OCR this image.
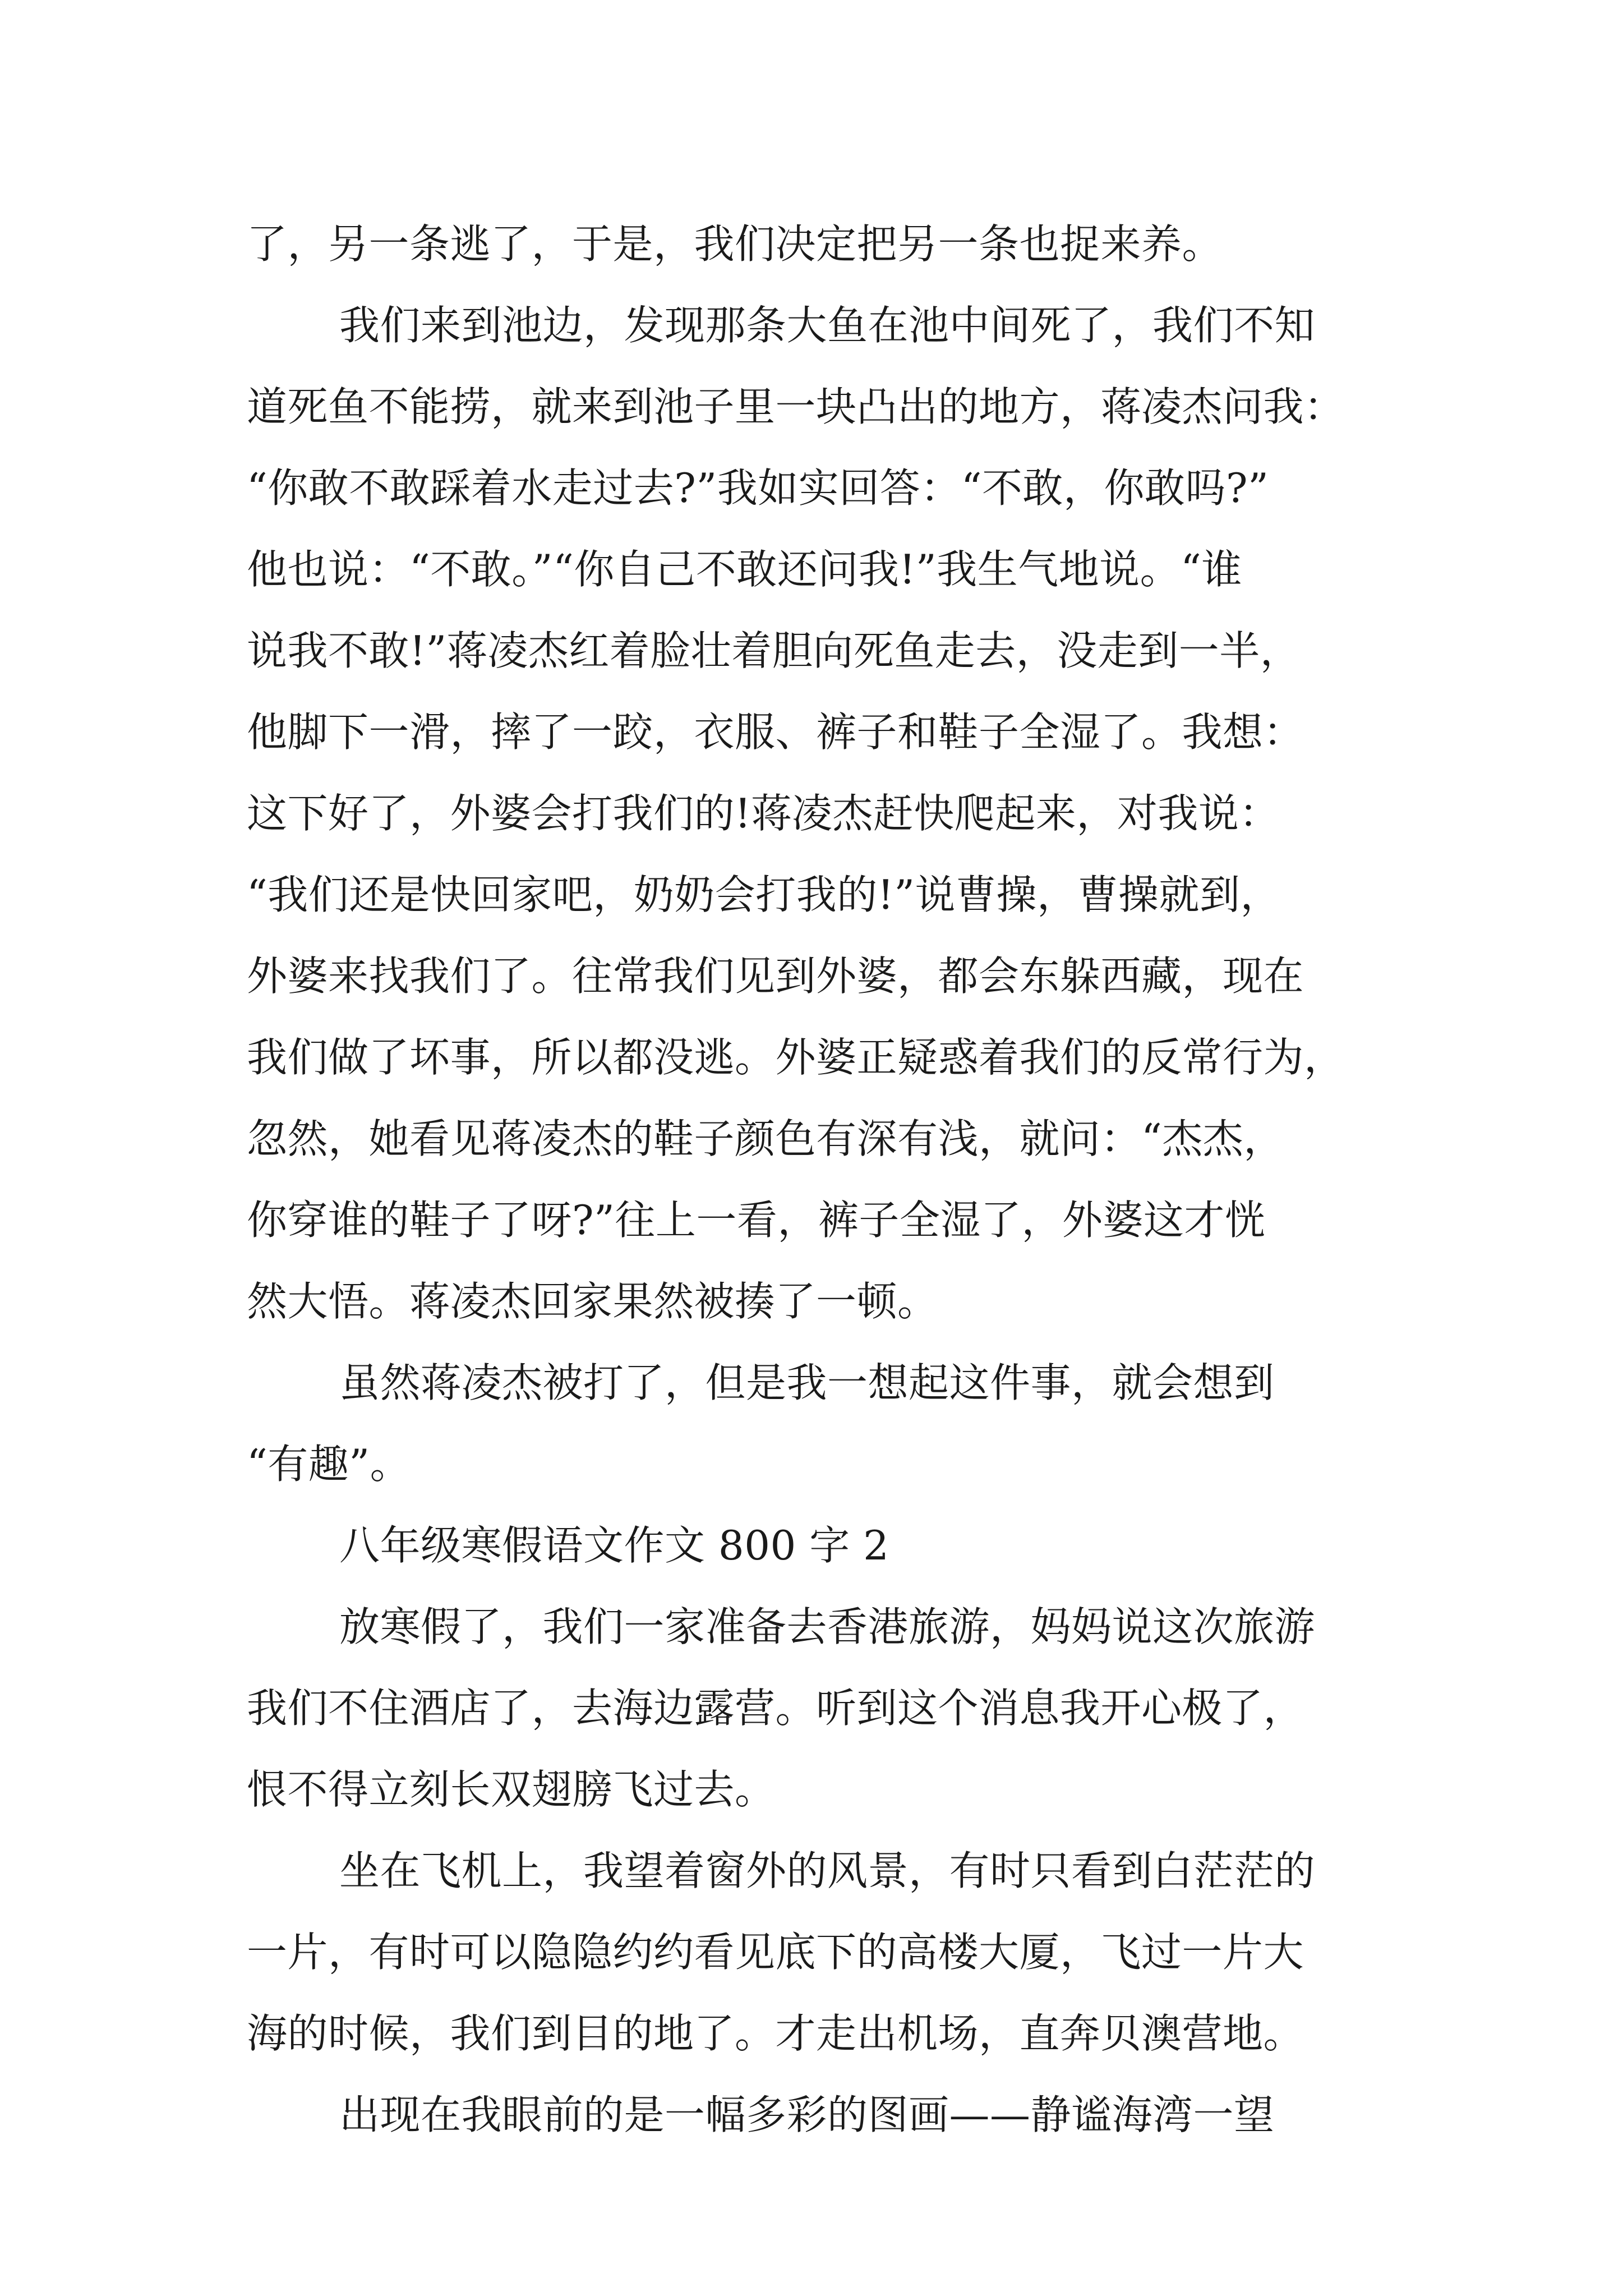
了，另一条逃了，于是，我们决定把另一条也捉来养。
我们来到池边，发现那条大鱼在池中间死了，我们不知
道死鱼不能捞，就来到池子里一块凸出的地方，蒋凌杰问我：
“你敢不敢踩着水走过去?”我如实回答：“不敢，你敢吗?”
他也说：“不敢。”“你自己不敢还问我!”我生气地说。“谁
说我不敢!”蒋凌杰红着脸壮着胆向死鱼走去，没走到一半，
他脚下一滑，摔了一跤，衣服、裤子和鞋子全湿了。我想：
这下好了，外婆会打我们的!蒋凌杰赶快爬起来，对我说：
“我们还是快回家吧，奶奶会打我的!”说曹操，曹操就到，
外婆来找我们了。往常我们见到外婆，都会东躲西藏，现在
我们做了坏事，所以都没逃。外婆正疑惑着我们的反常行为，
忽然，她看见蒋凌杰的鞋子颜色有深有浅，就问：“杰杰，
你穿谁的鞋子了呀?”往上一看，裤子全湿了，外婆这才恍
然大悟。蒋凌杰回家果然被揍了一顿。
虽然蒋凌杰被打了，但是我一想起这件事，就会想到
“有趣”。
八年级寒假语文作文 800 字 2
放寒假了，我们一家准备去香港旅游，妈妈说这次旅游
我们不住酒店了，去海边露营。听到这个消息我开心极了，
恨不得立刻长双翅膀飞过去。
坐在飞机上，我望着窗外的风景，有时只看到白茫茫的
一片，有时可以隐隐约约看见底下的高楼大厦，飞过一片大
海的时候，我们到目的地了。才走出机场，直奔贝澳营地。
出现在我眼前的是一幅多彩的图画——静谧海湾一望
